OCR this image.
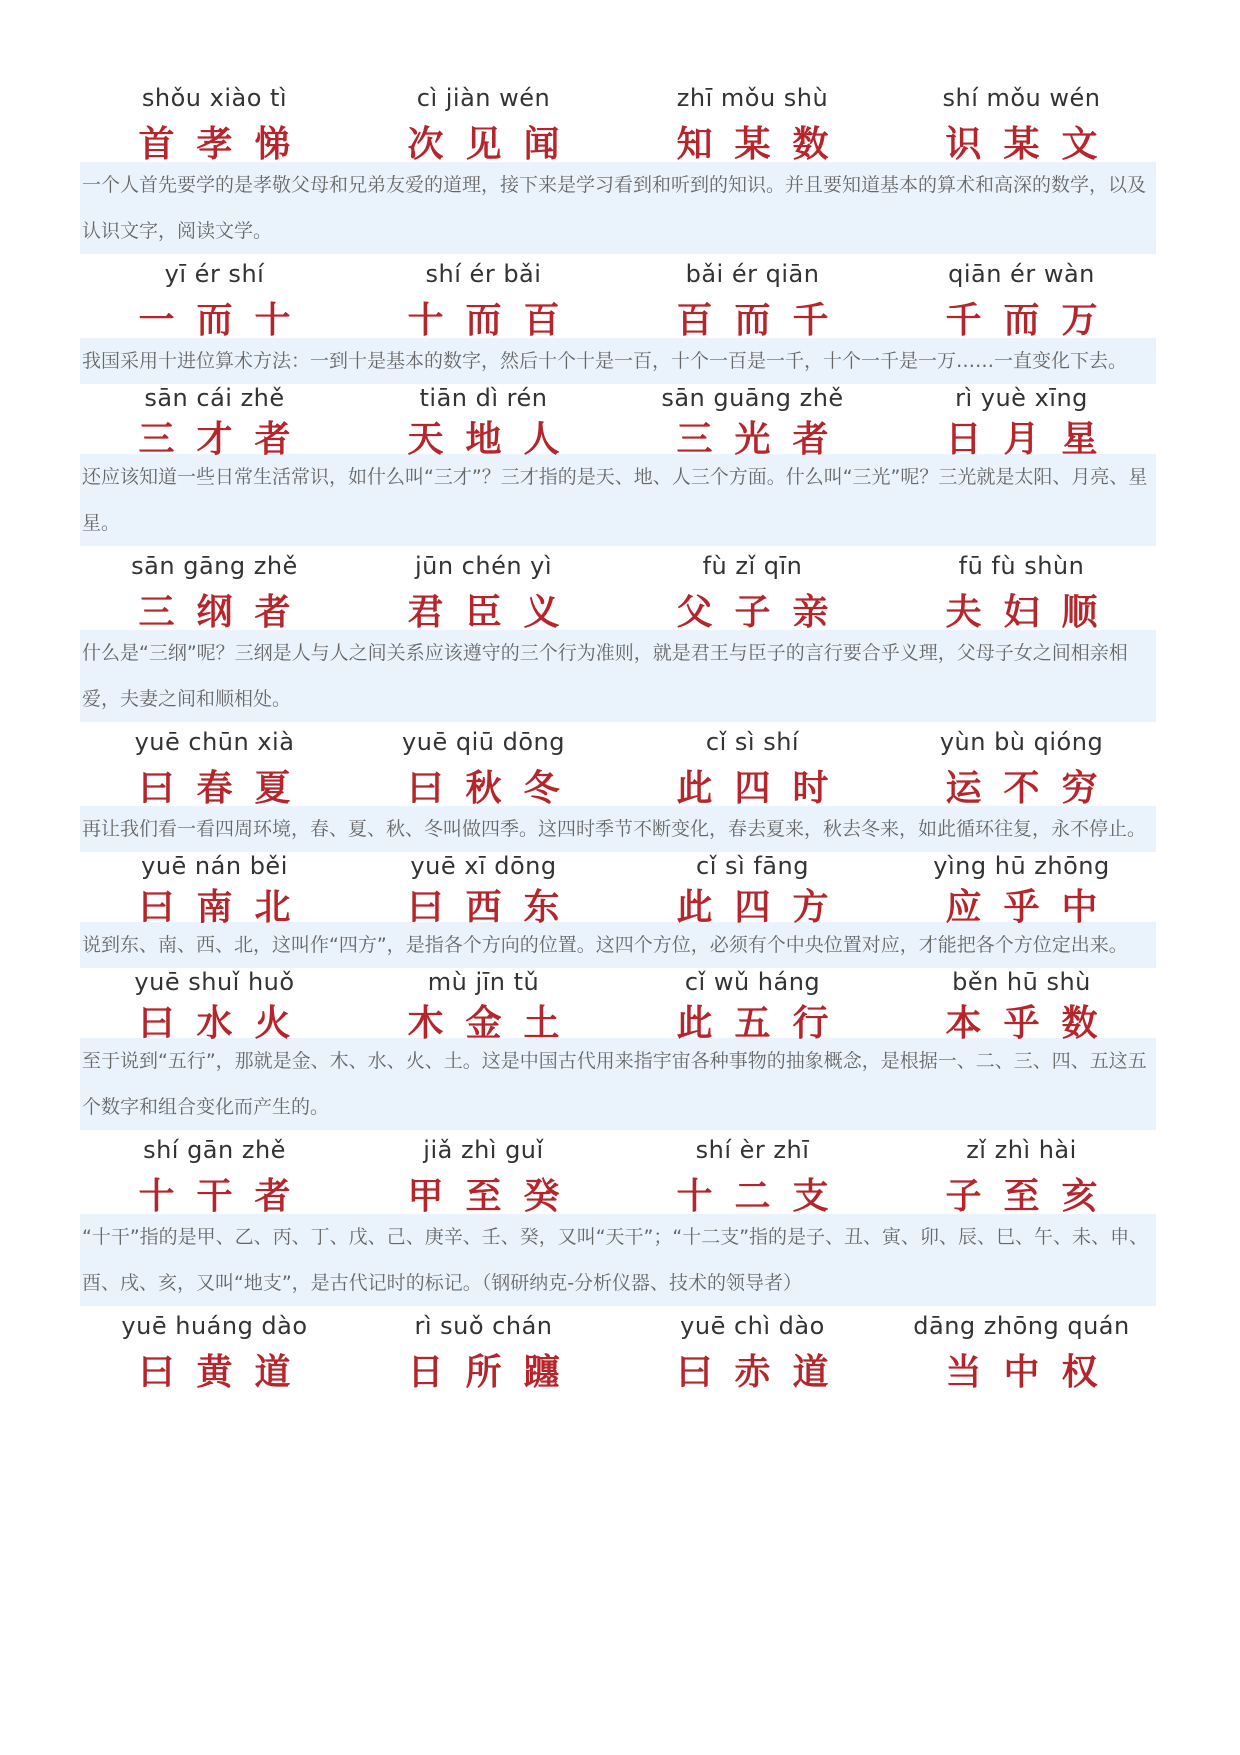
shǒu xiào tì
首孝悌
cì jiàn wén
次见闻
zhī mǒu shù
知某数
shí mǒu wén
识某文

一个人首先要学的是孝敬父母和兄弟友爱的道理，接下来是学习看到和听到的知识。并且要知道基本的算术和高深的数学，以及认识文字，阅读文学。

yī ér shí
一而十
shí ér bǎi
十而百
bǎi ér qiān
百而千
qiān ér wàn
千而万

我国采用十进位算术方法：一到十是基本的数字，然后十个十是一百，十个一百是一千，十个一千是一万……一直变化下去。

sān cái zhě
三才者
tiān dì rén
天地人
sān guāng zhě
三光者
rì yuè xīng
日月星

还应该知道一些日常生活常识，如什么叫“三才”？三才指的是天、地、人三个方面。什么叫“三光”呢？三光就是太阳、月亮、星星。

sān gāng zhě
三纲者
jūn chén yì
君臣义
fù zǐ qīn
父子亲
fū fù shùn
夫妇顺

什么是“三纲”呢？三纲是人与人之间关系应该遵守的三个行为准则，就是君王与臣子的言行要合乎义理，父母子女之间相亲相爱，夫妻之间和顺相处。

yuē chūn xià
曰春夏
yuē qiū dōng
曰秋冬
cǐ sì shí
此四时
yùn bù qióng
运不穷

再让我们看一看四周环境，春、夏、秋、冬叫做四季。这四时季节不断变化，春去夏来，秋去冬来，如此循环往复，永不停止。

yuē nán běi
曰南北
yuē xī dōng
曰西东
cǐ sì fāng
此四方
yìng hū zhōng
应乎中

说到东、南、西、北，这叫作“四方”，是指各个方向的位置。这四个方位，必须有个中央位置对应，才能把各个方位定出来。

yuē shuǐ huǒ
曰水火
mù jīn tǔ
木金土
cǐ wǔ háng
此五行
běn hū shù
本乎数

至于说到“五行”，那就是金、木、水、火、土。这是中国古代用来指宇宙各种事物的抽象概念，是根据一、二、三、四、五这五个数字和组合变化而产生的。

shí gān zhě
十干者
jiǎ zhì guǐ
甲至癸
shí èr zhī
十二支
zǐ zhì hài
子至亥

“十干”指的是甲、乙、丙、丁、戊、己、庚辛、壬、癸，又叫“天干”；“十二支”指的是子、丑、寅、卯、辰、巳、午、未、申、酉、戌、亥，又叫“地支”，是古代记时的标记。（钢研纳克-分析仪器、技术的领导者）

yuē huáng dào
曰黄道
rì suǒ chán
日所躔
yuē chì dào
曰赤道
dāng zhōng quán
当中权
